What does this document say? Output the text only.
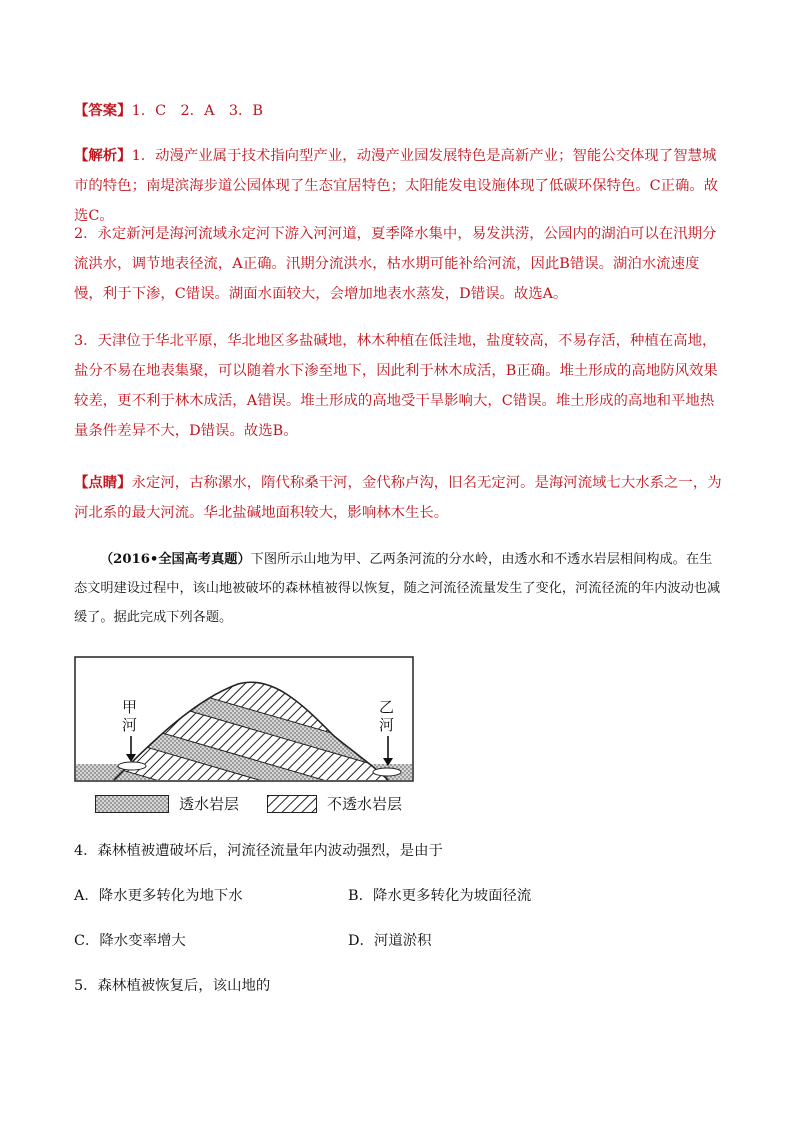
【答案】1．C　2．A　3．B
【解析】1．动漫产业属于技术指向型产业，动漫产业园发展特色是高新产业；智能公交体现了智慧城市的特色；南堤滨海步道公园体现了生态宜居特色；太阳能发电设施体现了低碳环保特色。C正确。故选C。
2．永定新河是海河流域永定河下游入河河道，夏季降水集中，易发洪涝，公园内的湖泊可以在汛期分流洪水，调节地表径流，A正确。汛期分流洪水，枯水期可能补给河流，因此B错误。湖泊水流速度慢，利于下渗，C错误。湖面水面较大，会增加地表水蒸发，D错误。故选A。
3．天津位于华北平原，华北地区多盐碱地，林木种植在低洼地，盐度较高，不易存活，种植在高地，盐分不易在地表集聚，可以随着水下渗至地下，因此利于林木成活，B正确。堆土形成的高地防风效果较差，更不利于林木成活，A错误。堆土形成的高地受干旱影响大，C错误。堆土形成的高地和平地热量条件差异不大，D错误。故选B。
【点睛】永定河，古称漯水，隋代称桑干河，金代称卢沟，旧名无定河。是海河流域七大水系之一，为河北系的最大河流。华北盐碱地面积较大，影响林木生长。
（2016•全国高考真题）下图所示山地为甲、乙两条河流的分水岭，由透水和不透水岩层相间构成。在生态文明建设过程中，该山地被破坏的森林植被得以恢复，随之河流径流量发生了变化，河流径流的年内波动也减缓了。据此完成下列各题。
甲
河
乙
河
透水岩层	不透水岩层
4．森林植被遭破坏后，河流径流量年内波动强烈，是由于
A．降水更多转化为地下水	B．降水更多转化为坡面径流
C．降水变率增大	D．河道淤积
5．森林植被恢复后，该山地的
